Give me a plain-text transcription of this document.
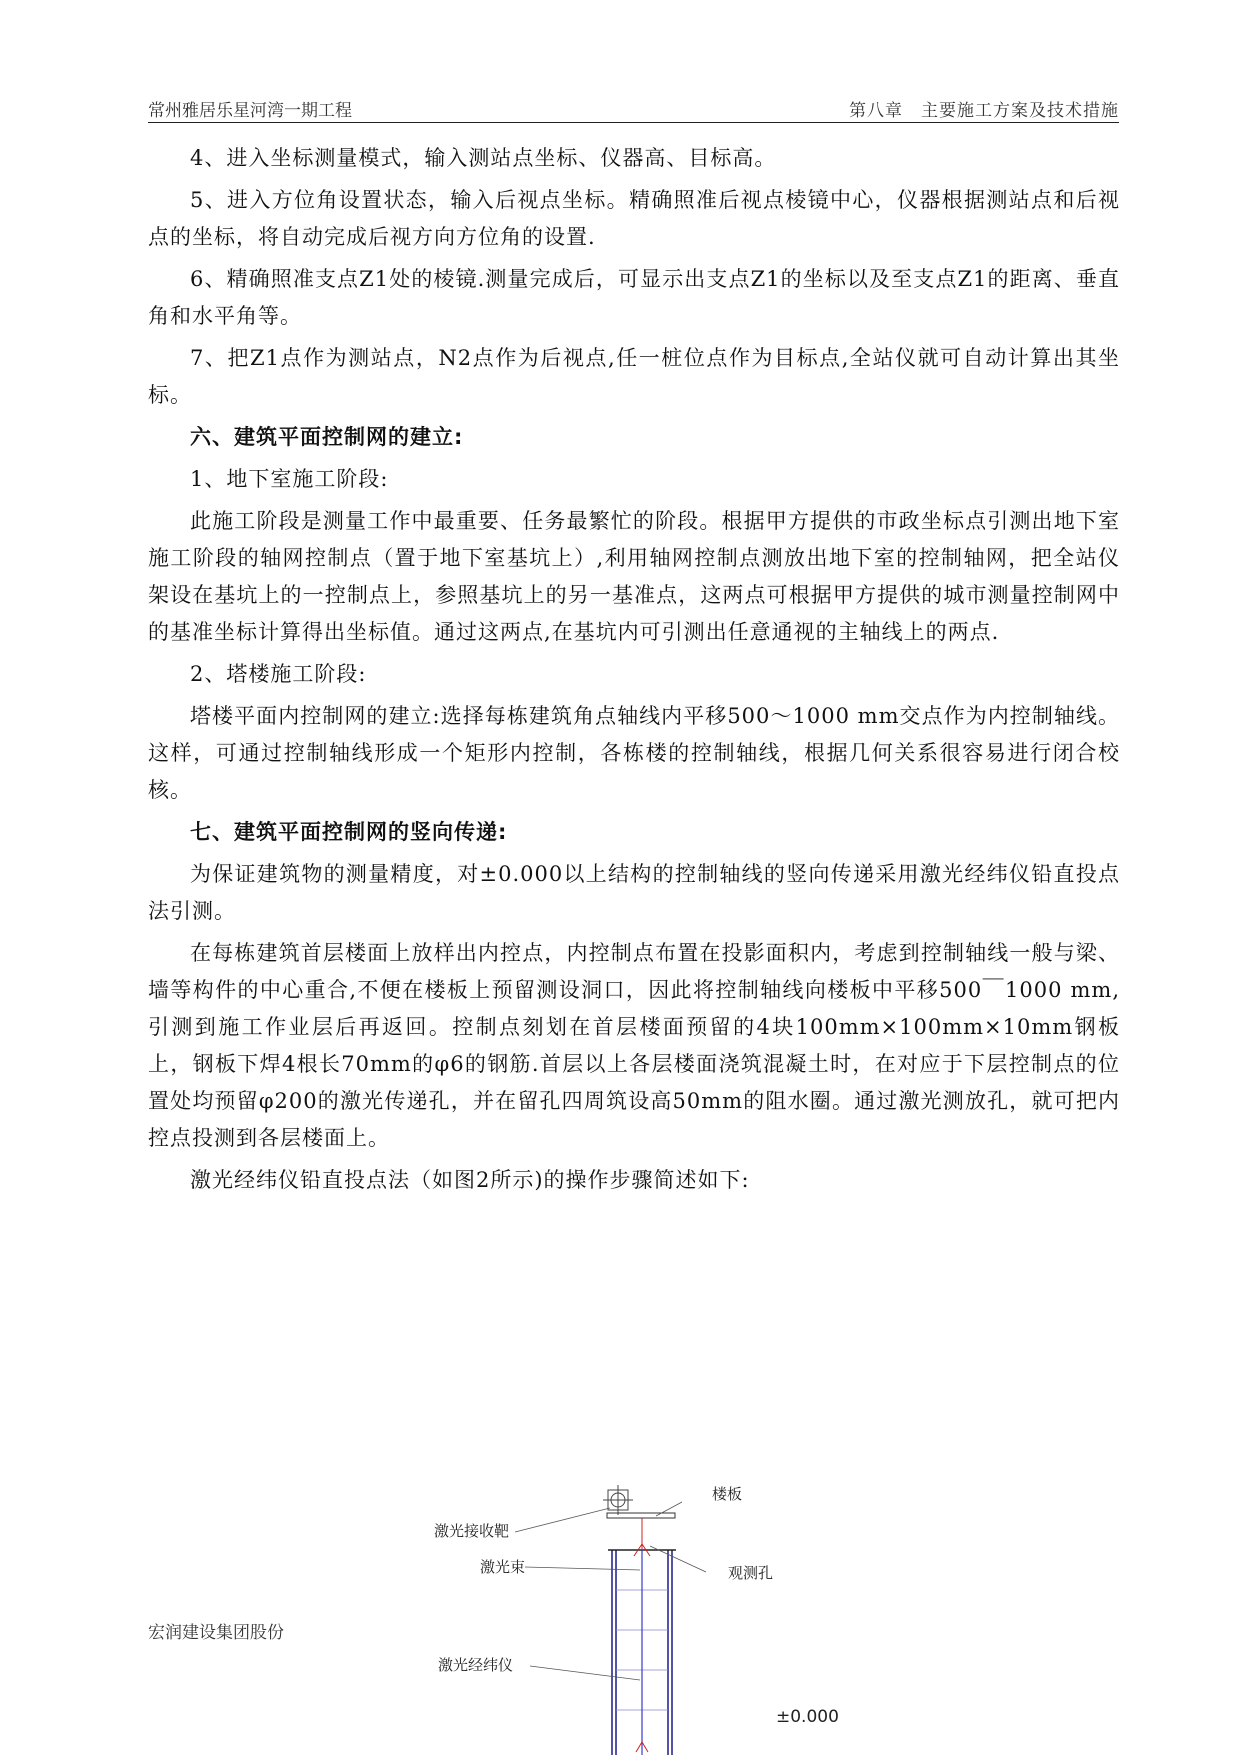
常州雅居乐星河湾一期工程	第八章　主要施工方案及技术措施

4、进入坐标测量模式，输入测站点坐标、仪器高、目标高。

5、进入方位角设置状态，输入后视点坐标。精确照准后视点棱镜中心，仪器根据测站点和后视点的坐标，将自动完成后视方向方位角的设置.

6、精确照准支点Z1处的棱镜.测量完成后，可显示出支点Z1的坐标以及至支点Z1的距离、垂直角和水平角等。

7、把Z1点作为测站点，N2点作为后视点,任一桩位点作为目标点,全站仪就可自动计算出其坐标。

六、建筑平面控制网的建立:

1、地下室施工阶段:

此施工阶段是测量工作中最重要、任务最繁忙的阶段。根据甲方提供的市政坐标点引测出地下室施工阶段的轴网控制点（置于地下室基坑上）,利用轴网控制点测放出地下室的控制轴网，把全站仪架设在基坑上的一控制点上，参照基坑上的另一基准点，这两点可根据甲方提供的城市测量控制网中的基准坐标计算得出坐标值。通过这两点,在基坑内可引测出任意通视的主轴线上的两点.

2、塔楼施工阶段:

塔楼平面内控制网的建立:选择每栋建筑角点轴线内平移500～1000 mm交点作为内控制轴线。这样，可通过控制轴线形成一个矩形内控制，各栋楼的控制轴线，根据几何关系很容易进行闭合校核。

七、建筑平面控制网的竖向传递:

为保证建筑物的测量精度，对±0.000以上结构的控制轴线的竖向传递采用激光经纬仪铅直投点法引测。

在每栋建筑首层楼面上放样出内控点，内控制点布置在投影面积内，考虑到控制轴线一般与梁、墙等构件的中心重合,不便在楼板上预留测设洞口，因此将控制轴线向楼板中平移500￣1000 mm,引测到施工作业层后再返回。控制点刻划在首层楼面预留的4块100mm×100mm×10mm钢板上，钢板下焊4根长70mm的φ6的钢筋.首层以上各层楼面浇筑混凝土时，在对应于下层控制点的位置处均预留φ200的激光传递孔，并在留孔四周筑设高50mm的阻水圈。通过激光测放孔，就可把内控点投测到各层楼面上。

激光经纬仪铅直投点法（如图2所示)的操作步骤简述如下:

楼板
激光接收靶
激光束	观测孔
激光经纬仪
±0.000
宏润建设集团股份
